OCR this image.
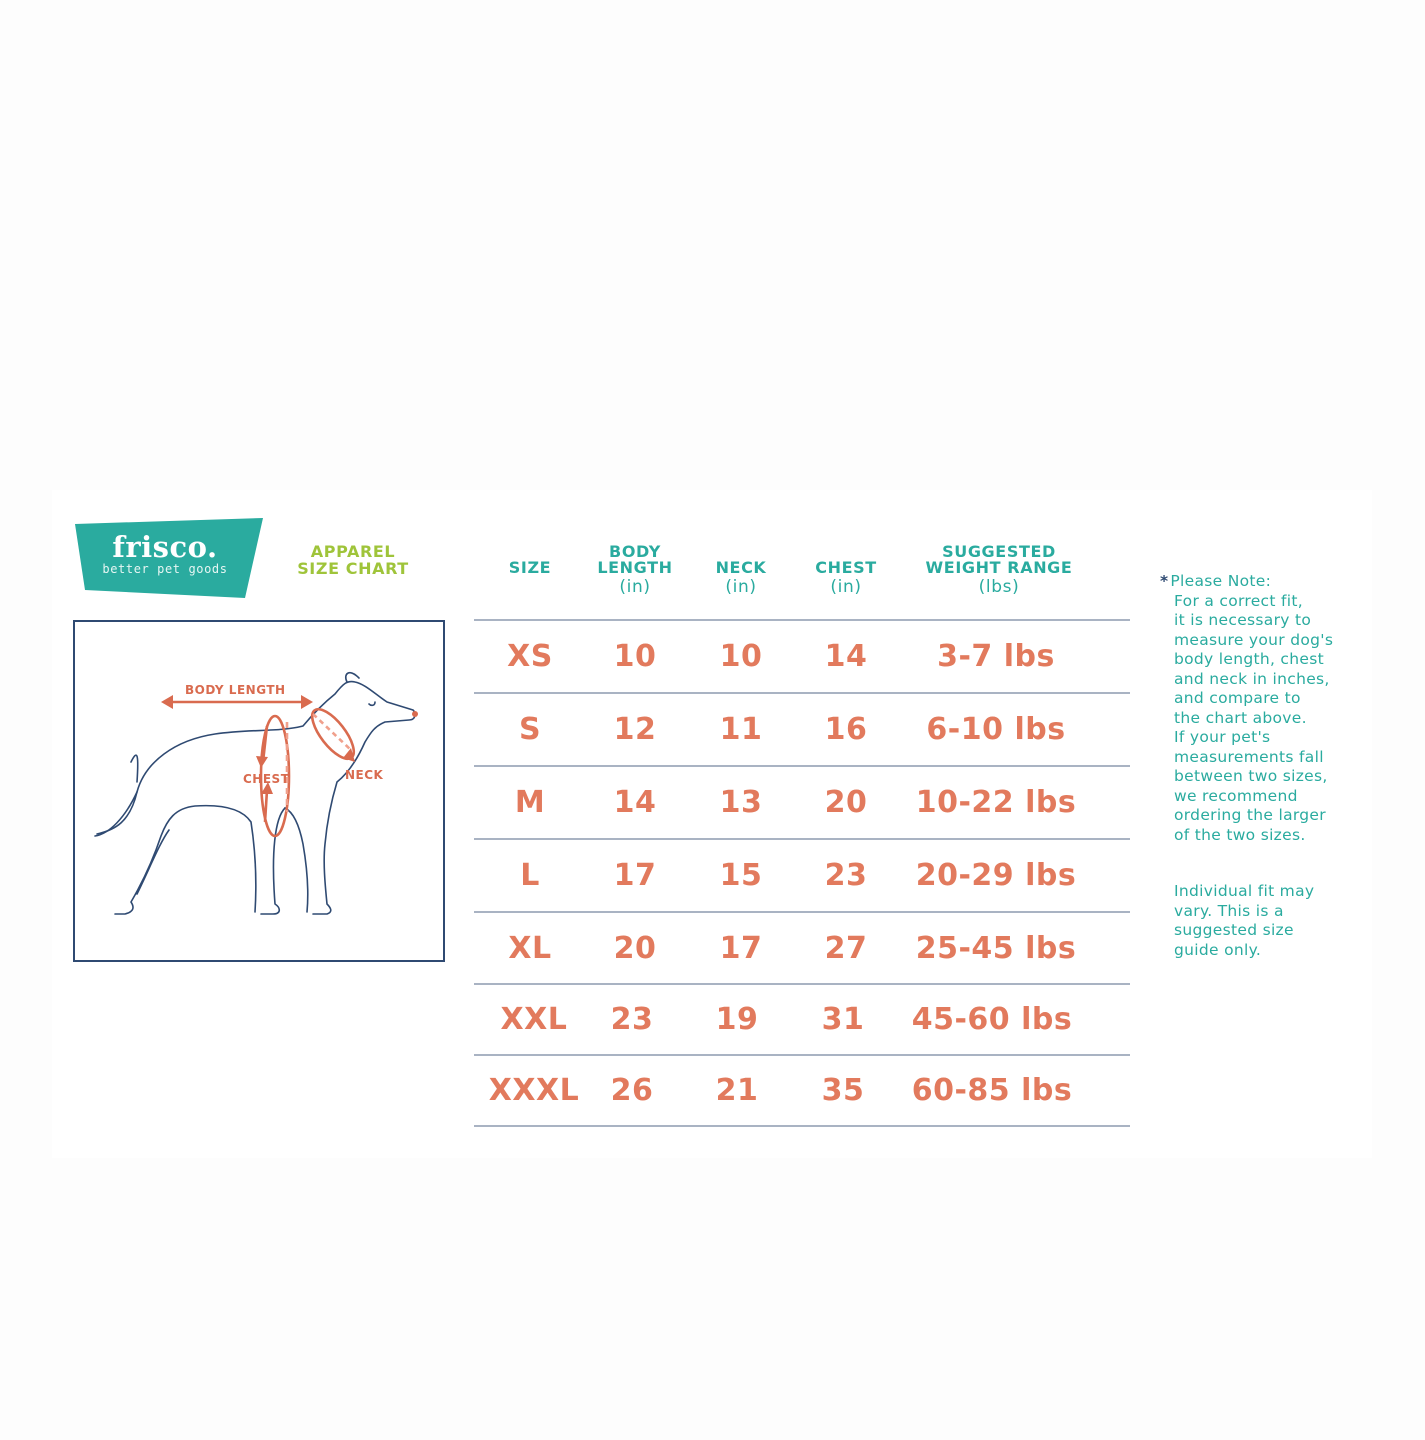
frisco.
better pet goods
APPAREL
SIZE CHART
BODY LENGTH
CHEST	NECK
SIZE
BODY
LENGTH
(in)
NECK
(in)
CHEST
(in)
SUGGESTED
WEIGHT RANGE
(lbs)
XS	10	10	14	3-7 lbs
S	12	11	16	6-10 lbs
M	14	13	20	10-22 lbs
L	17	15	23	20-29 lbs
XL	20	17	27	25-45 lbs
XXL	23	19	31	45-60 lbs
XXXL	26	21	35	60-85 lbs
* Please Note:
For a correct fit,
it is necessary to
measure your dog's
body length, chest
and neck in inches,
and compare to
the chart above.
If your pet's
measurements fall
between two sizes,
we recommend
ordering the larger
of the two sizes.
Individual fit may
vary. This is a
suggested size
guide only.
